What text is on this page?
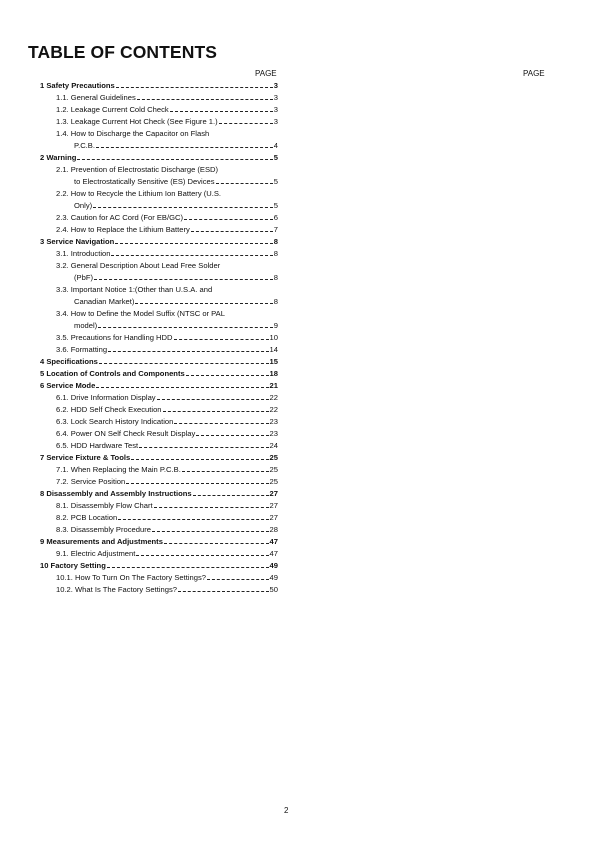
TABLE OF CONTENTS
PAGE	PAGE
1 Safety Precautions	3
1.1. General Guidelines	3
1.2. Leakage Current Cold Check	3
1.3. Leakage Current Hot Check (See Figure 1.)	3
1.4. How to Discharge the Capacitor on Flash
P.C.B.	4
2 Warning	5
2.1. Prevention of Electrostatic Discharge (ESD)
to Electrostatically Sensitive (ES) Devices	5
2.2. How to Recycle the Lithium Ion Battery (U.S.
Only)	5
2.3. Caution for AC Cord (For EB/GC)	6
2.4. How to Replace the Lithium Battery	7
3 Service Navigation	8
3.1. Introduction	8
3.2. General Description About Lead Free Solder
(PbF)	8
3.3. Important Notice 1:(Other than U.S.A. and
Canadian Market)	8
3.4. How to Define the Model Suffix (NTSC or PAL
model)	9
3.5. Precautions for Handling HDD	10
3.6. Formatting	14
4 Specifications	15
5 Location of Controls and Components	18
6 Service Mode	21
6.1. Drive Information Display	22
6.2. HDD Self Check Execution	22
6.3. Lock Search History Indication	23
6.4. Power ON Self Check Result Display	23
6.5. HDD Hardware Test	24
7 Service Fixture & Tools	25
7.1. When Replacing the Main P.C.B.	25
7.2. Service Position	25
8 Disassembly and Assembly Instructions	27
8.1. Disassembly Flow Chart	27
8.2. PCB Location	27
8.3. Disassembly Procedure	28
9 Measurements and Adjustments	47
9.1. Electric Adjustment	47
10 Factory Setting	49
10.1. How To Turn On The Factory Settings?	49
10.2. What Is The Factory Settings?	50
2
